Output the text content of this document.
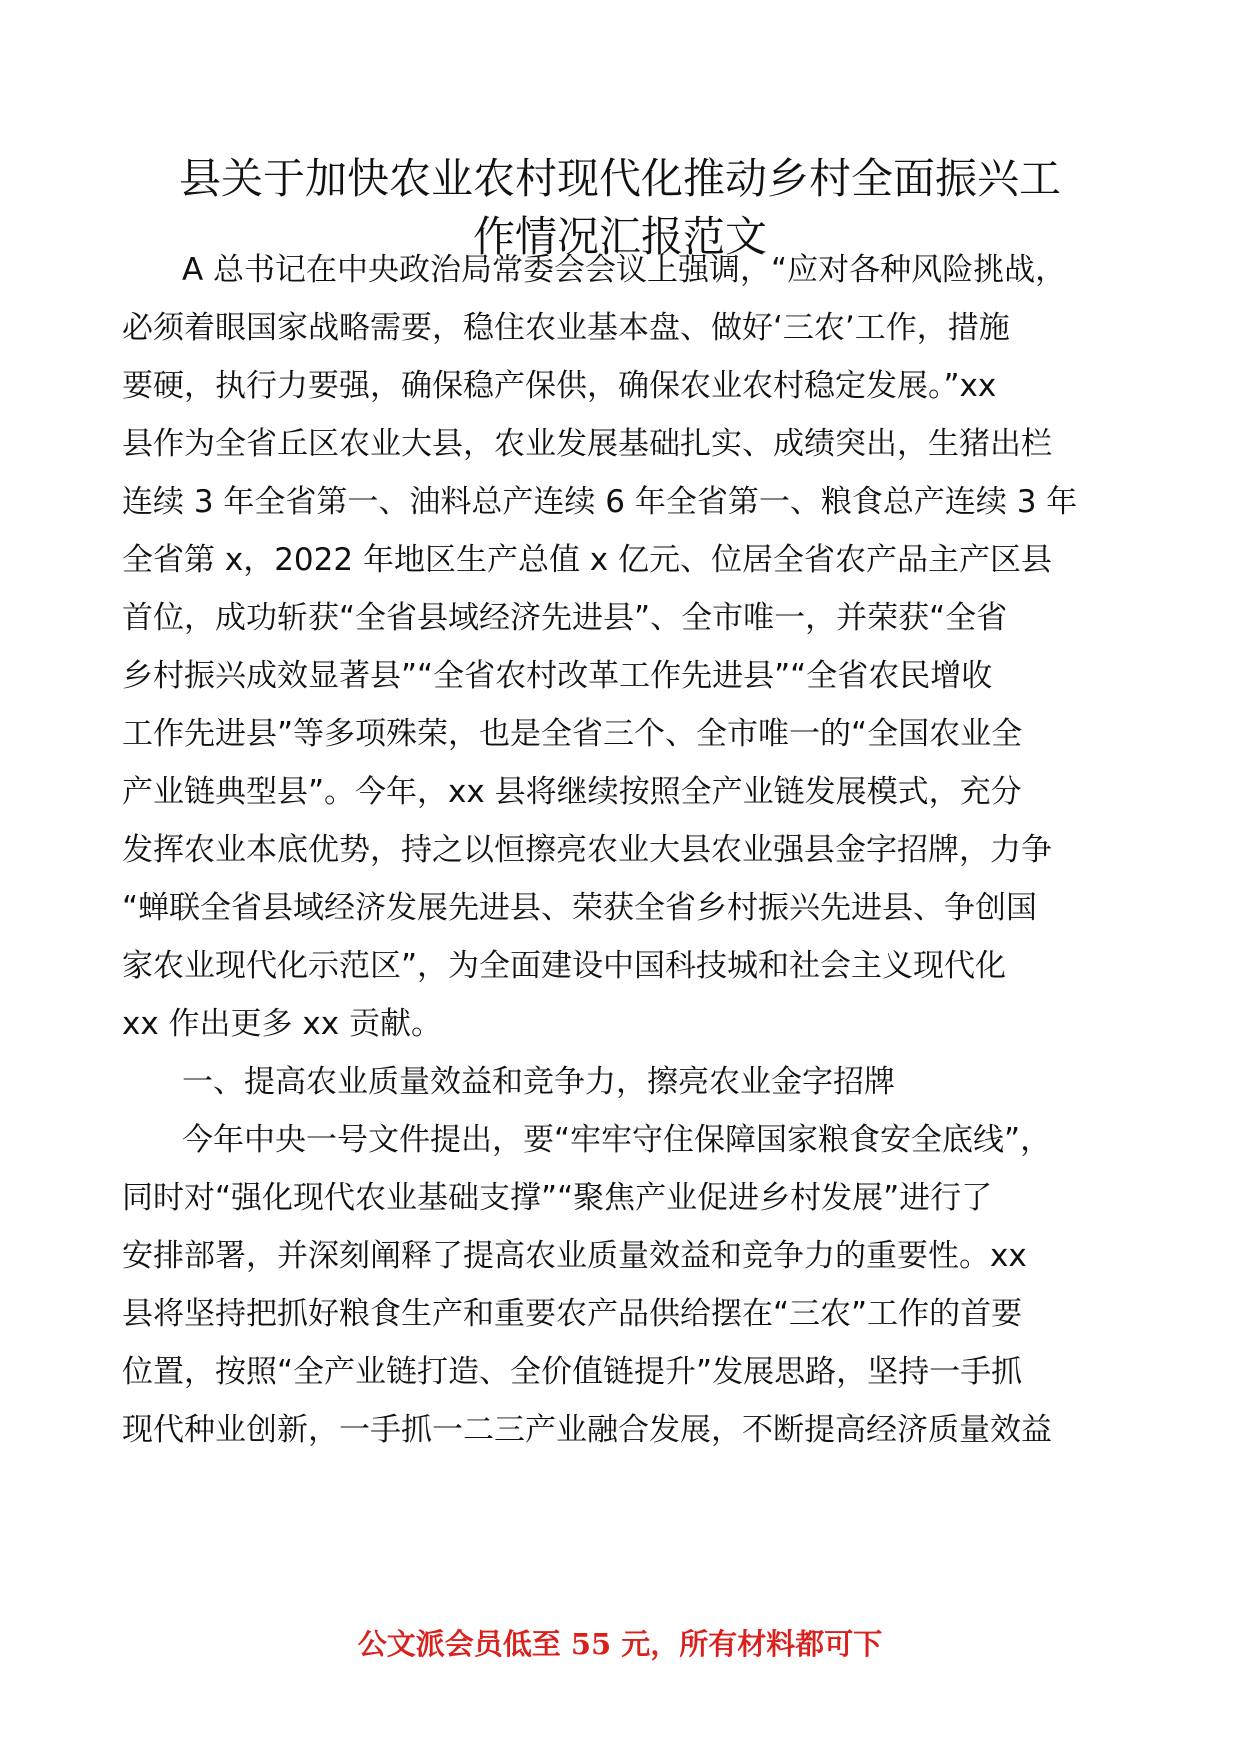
县关于加快农业农村现代化推动乡村全面振兴工
作情况汇报范文

A 总书记在中央政治局常委会会议上强调，“应对各种风险挑战，

必须着眼国家战略需要，稳住农业基本盘、做好‘三农’工作，措施

要硬，执行力要强，确保稳产保供，确保农业农村稳定发展。”xx

县作为全省丘区农业大县，农业发展基础扎实、成绩突出，生猪出栏

连续 3 年全省第一、油料总产连续 6 年全省第一、粮食总产连续 3 年

全省第 x，2022 年地区生产总值 x 亿元、位居全省农产品主产区县

首位，成功斩获“全省县域经济先进县”、全市唯一，并荣获“全省

乡村振兴成效显著县”“全省农村改革工作先进县”“全省农民增收

工作先进县”等多项殊荣，也是全省三个、全市唯一的“全国农业全

产业链典型县”。今年，xx 县将继续按照全产业链发展模式，充分

发挥农业本底优势，持之以恒擦亮农业大县农业强县金字招牌，力争

“蝉联全省县域经济发展先进县、荣获全省乡村振兴先进县、争创国

家农业现代化示范区”，为全面建设中国科技城和社会主义现代化

xx 作出更多 xx 贡献。

一、提高农业质量效益和竞争力，擦亮农业金字招牌

今年中央一号文件提出，要“牢牢守住保障国家粮食安全底线”，

同时对“强化现代农业基础支撑”“聚焦产业促进乡村发展”进行了

安排部署，并深刻阐释了提高农业质量效益和竞争力的重要性。xx

县将坚持把抓好粮食生产和重要农产品供给摆在“三农”工作的首要

位置，按照“全产业链打造、全价值链提升”发展思路，坚持一手抓

现代种业创新，一手抓一二三产业融合发展，不断提高经济质量效益

公文派会员低至 55 元，所有材料都可下
